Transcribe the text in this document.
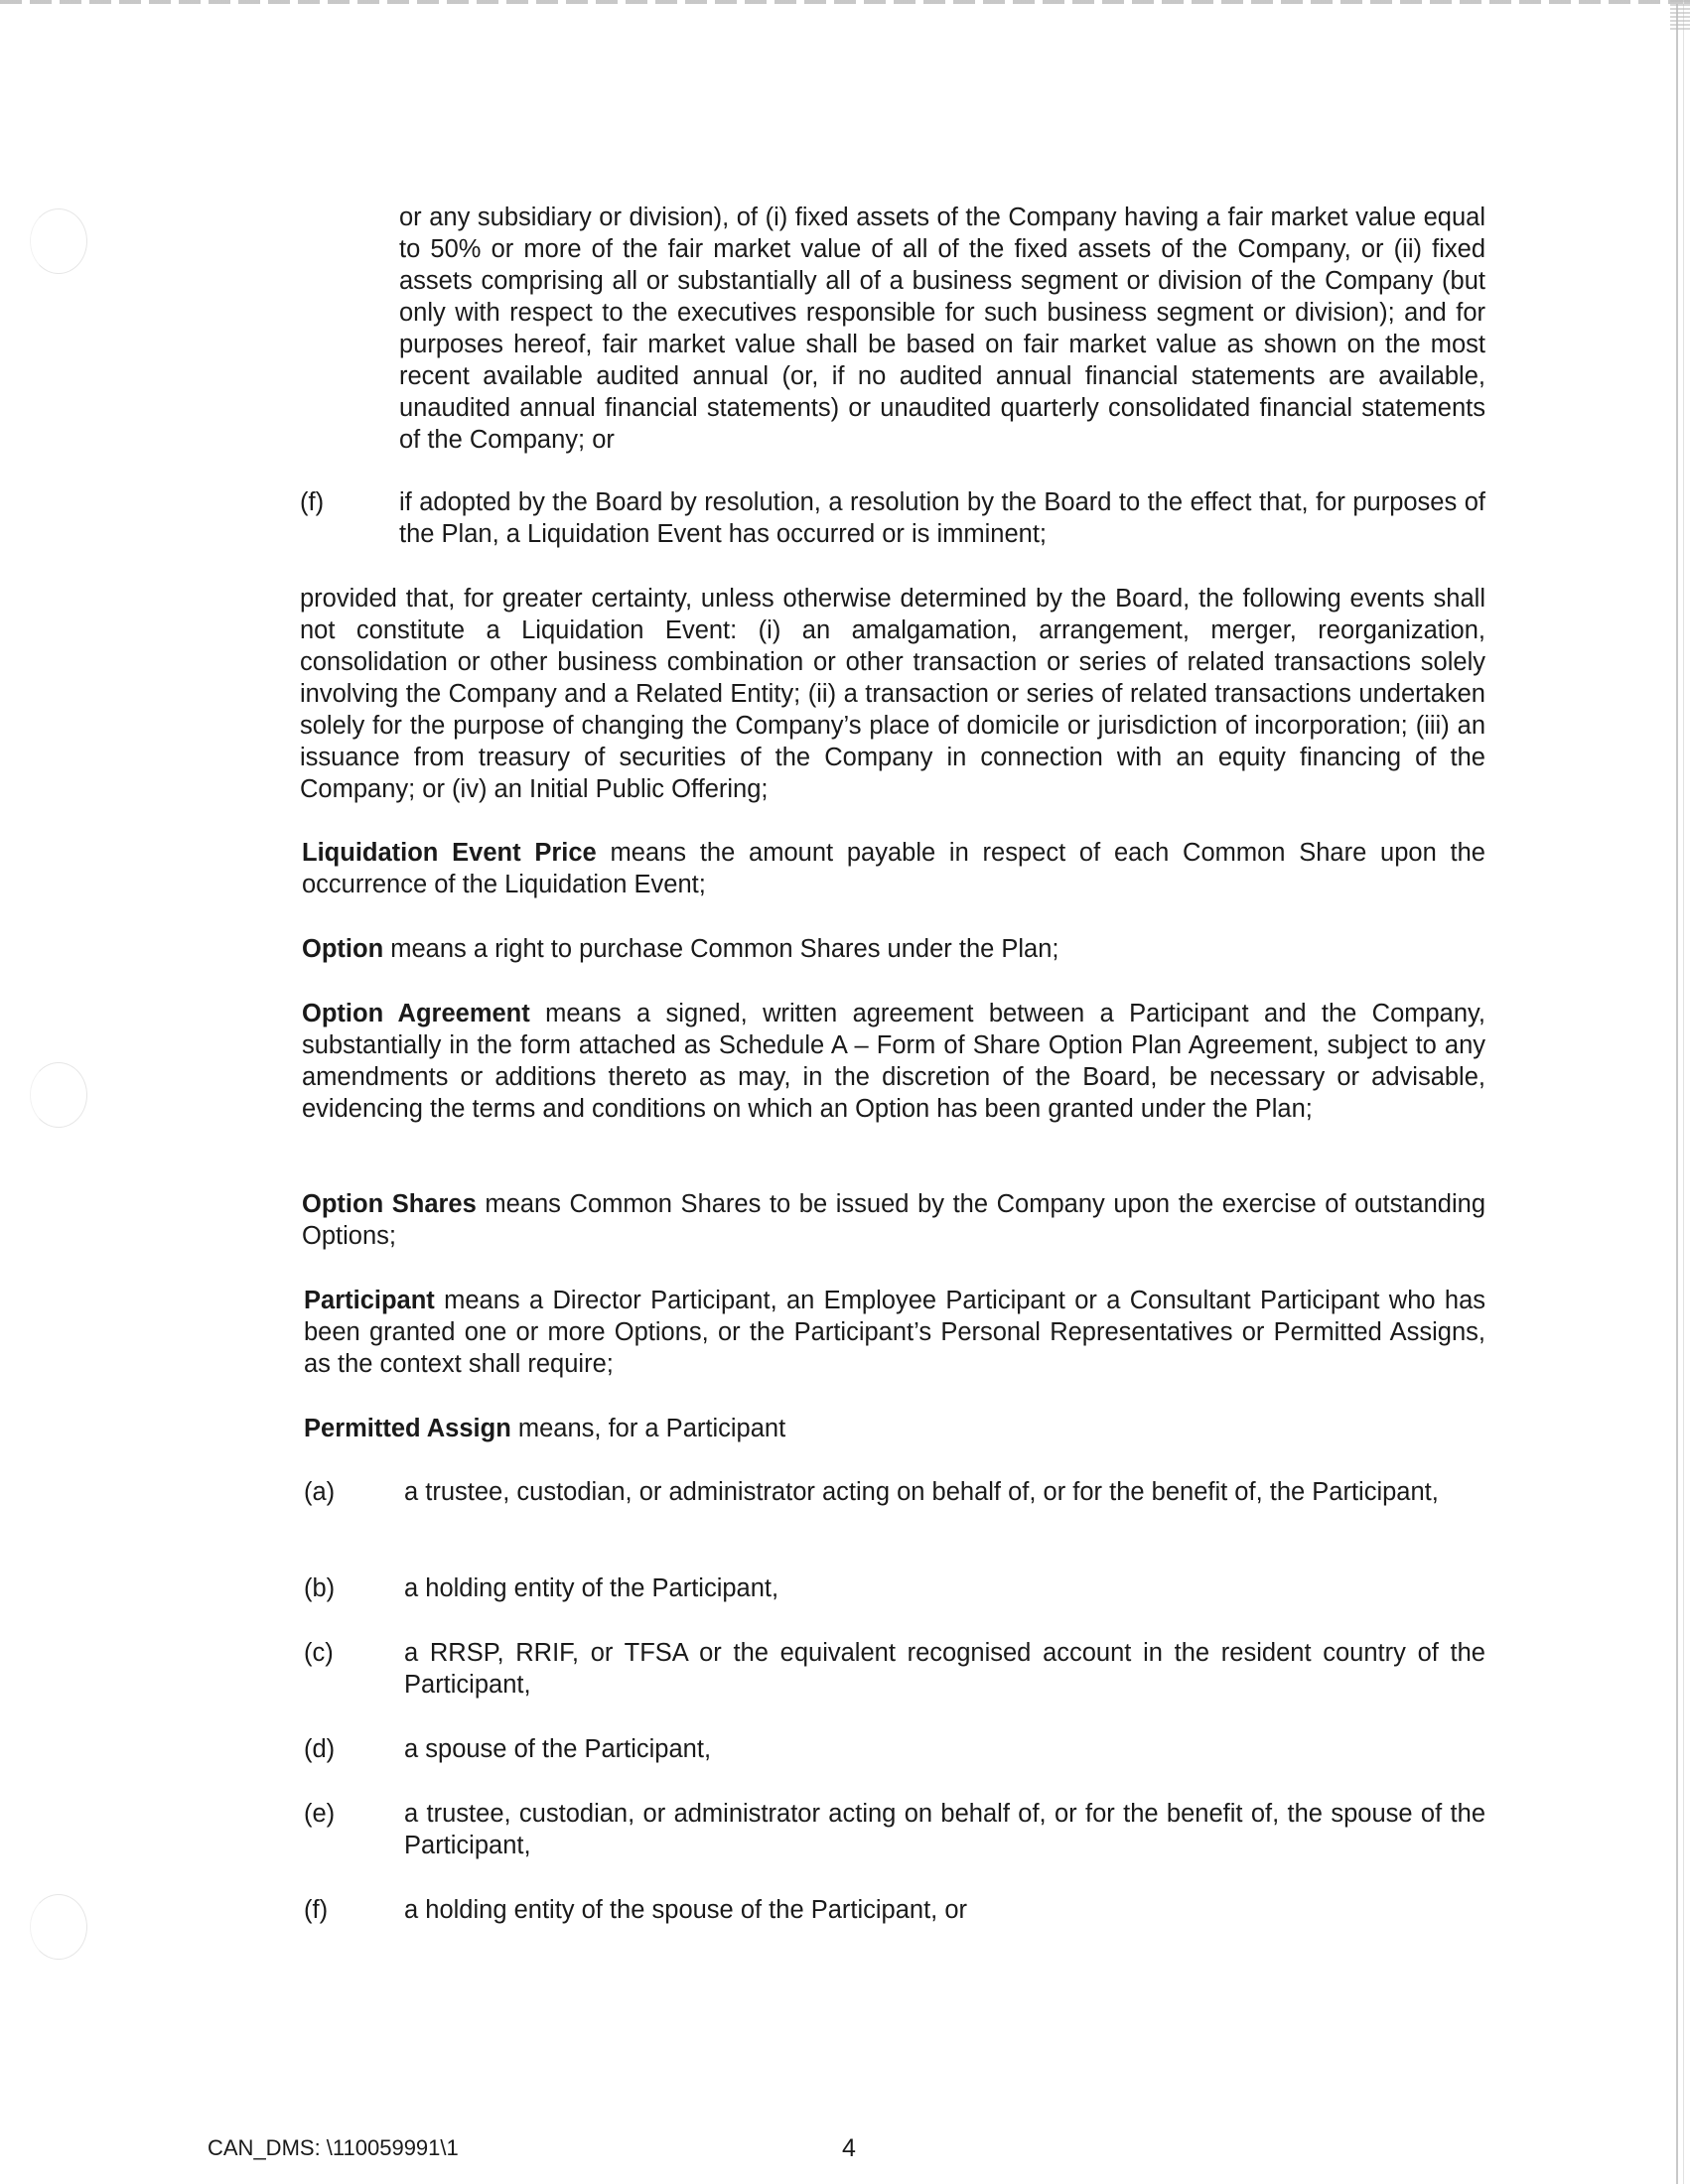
or any subsidiary or division), of (i) fixed assets of the Company having a fair market value equal to 50% or more of the fair market value of all of the fixed assets of the Company, or (ii) fixed assets comprising all or substantially all of a business segment or division of the Company (but only with respect to the executives responsible for such business segment or division); and for purposes hereof, fair market value shall be based on fair market value as shown on the most recent available audited annual (or, if no audited annual financial statements are available, unaudited annual financial statements) or unaudited quarterly consolidated financial statements of the Company; or
(f)	if adopted by the Board by resolution, a resolution by the Board to the effect that, for purposes of the Plan, a Liquidation Event has occurred or is imminent;
provided that, for greater certainty, unless otherwise determined by the Board, the following events shall not constitute a Liquidation Event: (i) an amalgamation, arrangement, merger, reorganization, consolidation or other business combination or other transaction or series of related transactions solely involving the Company and a Related Entity; (ii) a transaction or series of related transactions undertaken solely for the purpose of changing the Company’s place of domicile or jurisdiction of incorporation; (iii) an issuance from treasury of securities of the Company in connection with an equity financing of the Company; or (iv) an Initial Public Offering;
Liquidation Event Price means the amount payable in respect of each Common Share upon the occurrence of the Liquidation Event;
Option means a right to purchase Common Shares under the Plan;
Option Agreement means a signed, written agreement between a Participant and the Company, substantially in the form attached as Schedule A – Form of Share Option Plan Agreement, subject to any amendments or additions thereto as may, in the discretion of the Board, be necessary or advisable, evidencing the terms and conditions on which an Option has been granted under the Plan;
Option Shares means Common Shares to be issued by the Company upon the exercise of outstanding Options;
Participant means a Director Participant, an Employee Participant or a Consultant Participant who has been granted one or more Options, or the Participant’s Personal Representatives or Permitted Assigns, as the context shall require;
Permitted Assign means, for a Participant
(a)	a trustee, custodian, or administrator acting on behalf of, or for the benefit of, the Participant,
(b)	a holding entity of the Participant,
(c)	a RRSP, RRIF, or TFSA or the equivalent recognised account in the resident country of the Participant,
(d)	a spouse of the Participant,
(e)	a trustee, custodian, or administrator acting on behalf of, or for the benefit of, the spouse of the Participant,
(f)	a holding entity of the spouse of the Participant, or
CAN_DMS: \110059991\1	4
